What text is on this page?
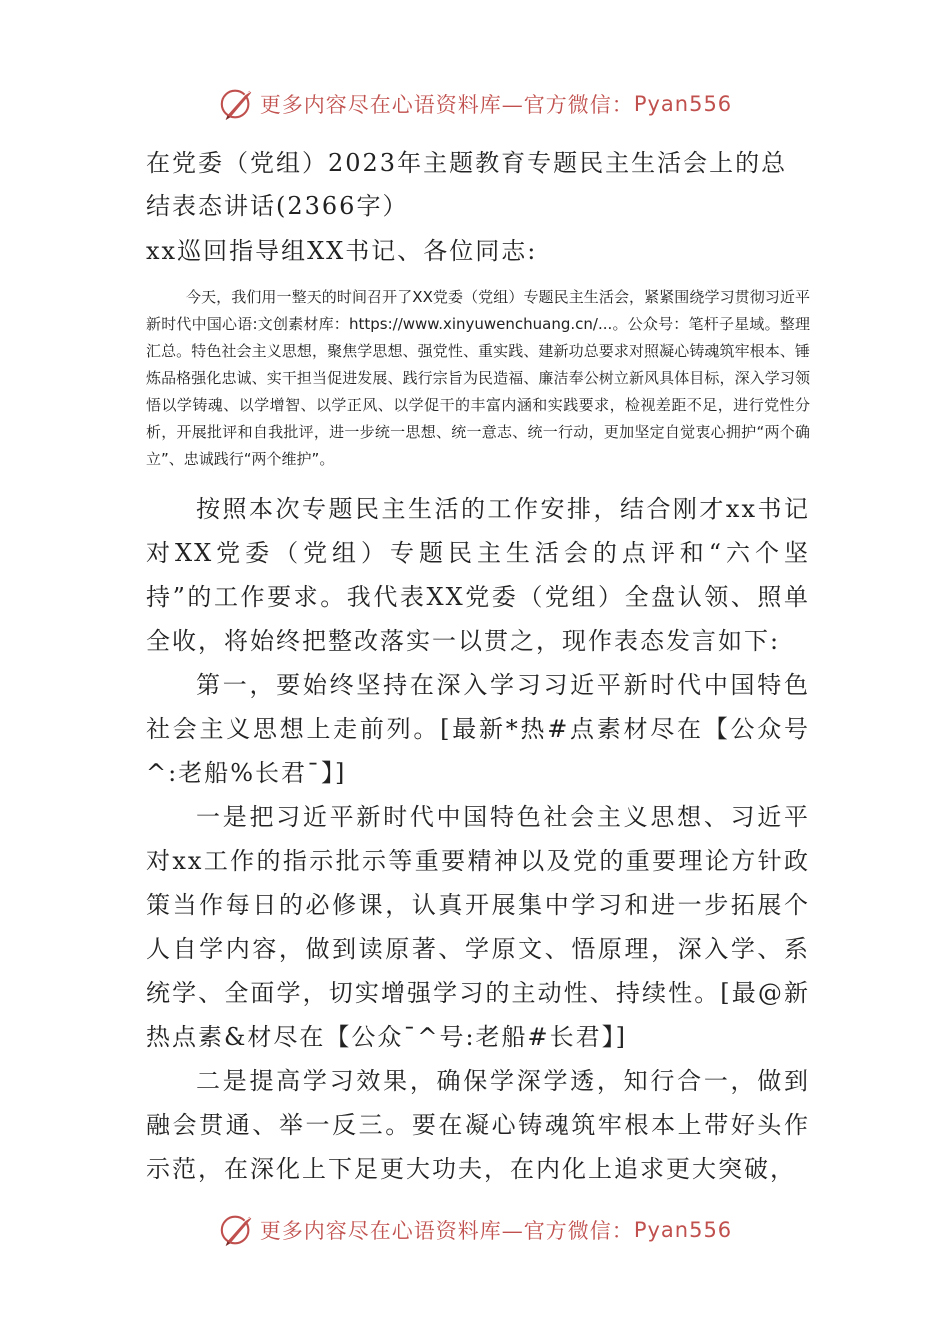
更多内容尽在心语资料库—官方微信： Pyan556
在党委（党组）2023年主题教育专题民主生活会上的总结表态讲话(2366字）

xx巡回指导组XX书记、各位同志:

今天，我们用一整天的时间召开了XX党委（党组）专题民主生活会，紧紧围绕学习贯彻习近平新时代中国心语:文创素材库：https://www.xinyuwenchuang.cn/...。公众号：笔杆子星域。整理汇总。特色社会主义思想，聚焦学思想、强党性、重实践、建新功总要求对照凝心铸魂筑牢根本、锤炼品格强化忠诚、实干担当促进发展、践行宗旨为民造福、廉洁奉公树立新风具体目标，深入学习领悟以学铸魂、以学增智、以学正风、以学促干的丰富内涵和实践要求，检视差距不足，进行党性分析，开展批评和自我批评，进一步统一思想、统一意志、统一行动，更加坚定自觉衷心拥护“两个确立”、忠诚践行“两个维护”。

按照本次专题民主生活的工作安排，结合刚才xx书记对XX党委（党组）专题民主生活会的点评和“六个坚持”的工作要求。我代表XX党委（党组）全盘认领、照单全收，将始终把整改落实一以贯之，现作表态发言如下:

第一，要始终坚持在深入学习习近平新时代中国特色社会主义思想上走前列。[最新*热#点素材尽在【公众号^:老船%长君¯】]

一是把习近平新时代中国特色社会主义思想、习近平对xx工作的指示批示等重要精神以及党的重要理论方针政策当作每日的必修课，认真开展集中学习和进一步拓展个人自学内容，做到读原著、学原文、悟原理，深入学、系统学、全面学，切实增强学习的主动性、持续性。[最@新热点素&材尽在【公众¯^号:老船#长君】]

二是提高学习效果，确保学深学透，知行合一，做到融会贯通、举一反三。要在凝心铸魂筑牢根本上带好头作示范，在深化上下足更大功夫，在内化上追求更大突破，

更多内容尽在心语资料库—官方微信： Pyan556
